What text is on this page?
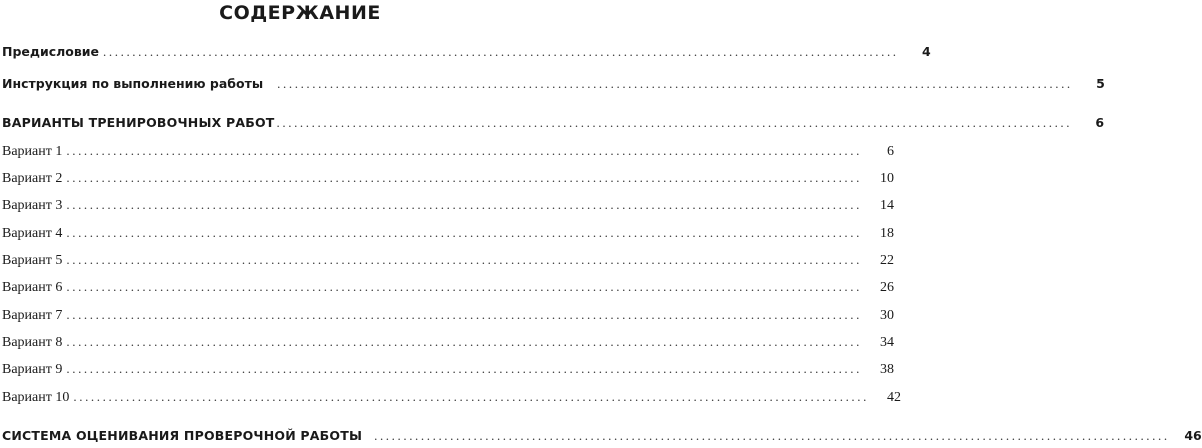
СОДЕРЖАНИЕ
Предисловие ........................................................................................................................................	4
Инструкция по выполнению работы ........................................................................................................................................	5
ВАРИАНТЫ ТРЕНИРОВОЧНЫХ РАБОТ ........................................................................................................................................	6
Вариант 1 ........................................................................................................................................	6
Вариант 2 ........................................................................................................................................	10
Вариант 3 ........................................................................................................................................	14
Вариант 4 ........................................................................................................................................	18
Вариант 5 ........................................................................................................................................	22
Вариант 6 ........................................................................................................................................	26
Вариант 7 ........................................................................................................................................	30
Вариант 8 ........................................................................................................................................	34
Вариант 9 ........................................................................................................................................	38
Вариант 10 ........................................................................................................................................	42
СИСТЕМА ОЦЕНИВАНИЯ ПРОВЕРОЧНОЙ РАБОТЫ ........................................................................................................................................	46
